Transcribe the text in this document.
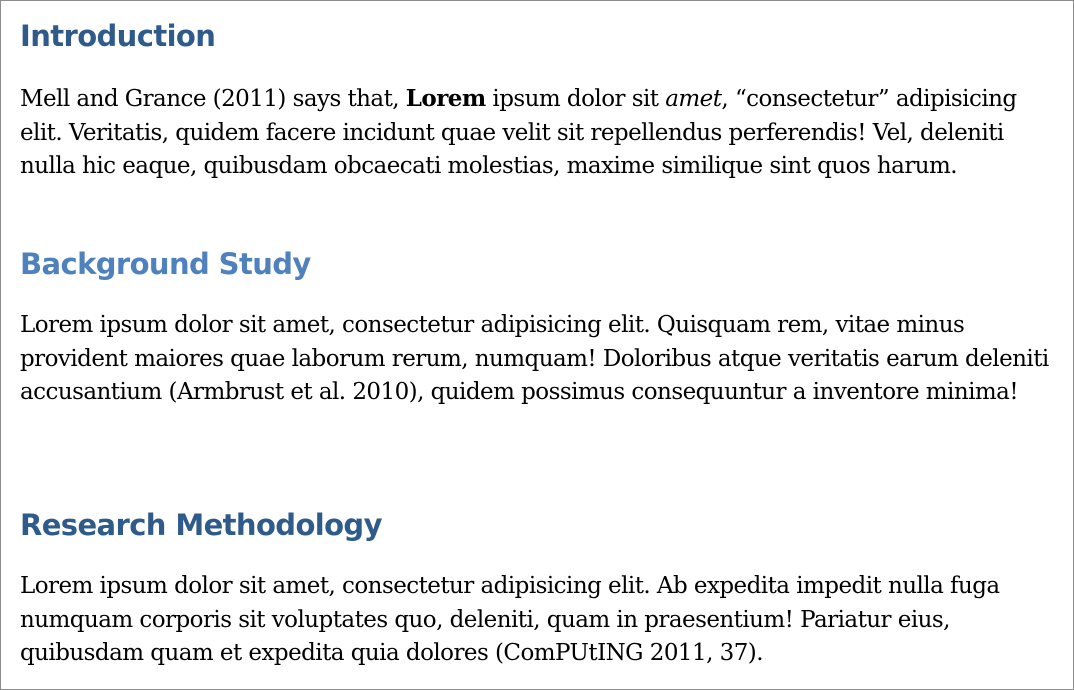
Introduction

Mell and Grance (2011) says that, Lorem ipsum dolor sit amet, “consectetur” adipisicing elit. Veritatis, quidem facere incidunt quae velit sit repellendus perferendis! Vel, deleniti nulla hic eaque, quibusdam obcaecati molestias, maxime similique sint quos harum.

Background Study

Lorem ipsum dolor sit amet, consectetur adipisicing elit. Quisquam rem, vitae minus provident maiores quae laborum rerum, numquam! Doloribus atque veritatis earum deleniti accusantium (Armbrust et al. 2010), quidem possimus consequuntur a inventore minima!

Research Methodology

Lorem ipsum dolor sit amet, consectetur adipisicing elit. Ab expedita impedit nulla fuga numquam corporis sit voluptates quo, deleniti, quam in praesentium! Pariatur eius, quibusdam quam et expedita quia dolores (ComPUtING 2011, 37).
